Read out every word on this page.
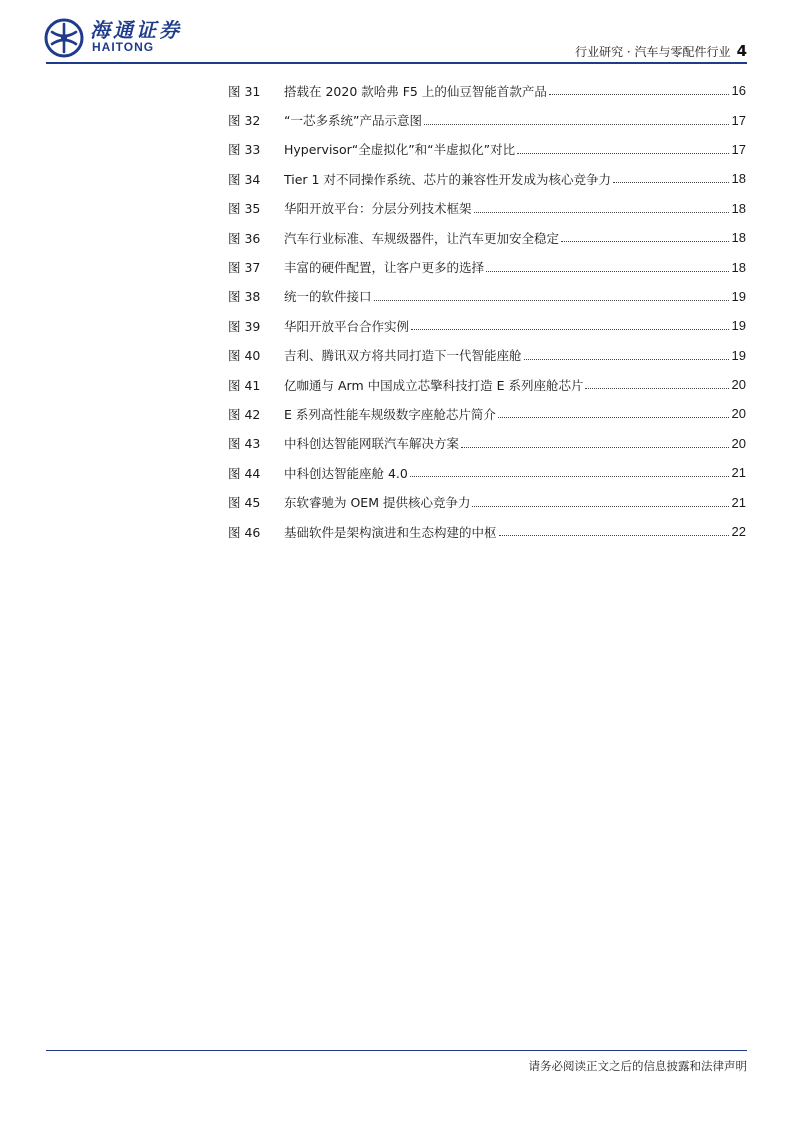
海通证券
HAITONG	行业研究 · 汽车与零配件行业 4
图 31	搭载在 2020 款哈弗 F5 上的仙豆智能首款产品	16
图 32	“一芯多系统”产品示意图	17
图 33	Hypervisor“全虚拟化”和“半虚拟化”对比	17
图 34	Tier 1 对不同操作系统、芯片的兼容性开发成为核心竞争力	18
图 35	华阳开放平台：分层分列技术框架	18
图 36	汽车行业标准、车规级器件，让汽车更加安全稳定	18
图 37	丰富的硬件配置，让客户更多的选择	18
图 38	统一的软件接口	19
图 39	华阳开放平台合作实例	19
图 40	吉利、腾讯双方将共同打造下一代智能座舱	19
图 41	亿咖通与 Arm 中国成立芯擎科技打造 E 系列座舱芯片	20
图 42	E 系列高性能车规级数字座舱芯片简介	20
图 43	中科创达智能网联汽车解决方案	20
图 44	中科创达智能座舱 4.0	21
图 45	东软睿驰为 OEM 提供核心竞争力	21
图 46	基础软件是架构演进和生态构建的中枢	22
请务必阅读正文之后的信息披露和法律声明
